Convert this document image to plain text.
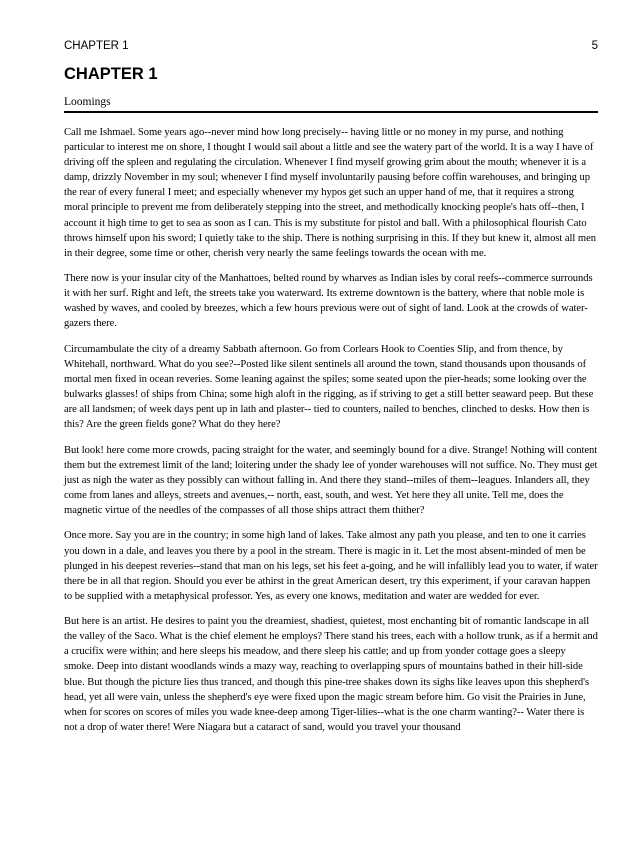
CHAPTER 1	5
CHAPTER 1
Loomings

Call me Ishmael. Some years ago--never mind how long precisely-- having little or no money in my purse, and nothing particular to interest me on shore, I thought I would sail about a little and see the watery part of the world. It is a way I have of driving off the spleen and regulating the circulation. Whenever I find myself growing grim about the mouth; whenever it is a damp, drizzly November in my soul; whenever I find myself involuntarily pausing before coffin warehouses, and bringing up the rear of every funeral I meet; and especially whenever my hypos get such an upper hand of me, that it requires a strong moral principle to prevent me from deliberately stepping into the street, and methodically knocking people's hats off--then, I account it high time to get to sea as soon as I can. This is my substitute for pistol and ball. With a philosophical flourish Cato throws himself upon his sword; I quietly take to the ship. There is nothing surprising in this. If they but knew it, almost all men in their degree, some time or other, cherish very nearly the same feelings towards the ocean with me.

There now is your insular city of the Manhattoes, belted round by wharves as Indian isles by coral reefs--commerce surrounds it with her surf. Right and left, the streets take you waterward. Its extreme downtown is the battery, where that noble mole is washed by waves, and cooled by breezes, which a few hours previous were out of sight of land. Look at the crowds of water-gazers there.

Circumambulate the city of a dreamy Sabbath afternoon. Go from Corlears Hook to Coenties Slip, and from thence, by Whitehall, northward. What do you see?--Posted like silent sentinels all around the town, stand thousands upon thousands of mortal men fixed in ocean reveries. Some leaning against the spiles; some seated upon the pier-heads; some looking over the bulwarks glasses! of ships from China; some high aloft in the rigging, as if striving to get a still better seaward peep. But these are all landsmen; of week days pent up in lath and plaster-- tied to counters, nailed to benches, clinched to desks. How then is this? Are the green fields gone? What do they here?

But look! here come more crowds, pacing straight for the water, and seemingly bound for a dive. Strange! Nothing will content them but the extremest limit of the land; loitering under the shady lee of yonder warehouses will not suffice. No. They must get just as nigh the water as they possibly can without falling in. And there they stand--miles of them--leagues. Inlanders all, they come from lanes and alleys, streets and avenues,-- north, east, south, and west. Yet here they all unite. Tell me, does the magnetic virtue of the needles of the compasses of all those ships attract them thither?

Once more. Say you are in the country; in some high land of lakes. Take almost any path you please, and ten to one it carries you down in a dale, and leaves you there by a pool in the stream. There is magic in it. Let the most absent-minded of men be plunged in his deepest reveries--stand that man on his legs, set his feet a-going, and he will infallibly lead you to water, if water there be in all that region. Should you ever be athirst in the great American desert, try this experiment, if your caravan happen to be supplied with a metaphysical professor. Yes, as every one knows, meditation and water are wedded for ever.

But here is an artist. He desires to paint you the dreamiest, shadiest, quietest, most enchanting bit of romantic landscape in all the valley of the Saco. What is the chief element he employs? There stand his trees, each with a hollow trunk, as if a hermit and a crucifix were within; and here sleeps his meadow, and there sleep his cattle; and up from yonder cottage goes a sleepy smoke. Deep into distant woodlands winds a mazy way, reaching to overlapping spurs of mountains bathed in their hill-side blue. But though the picture lies thus tranced, and though this pine-tree shakes down its sighs like leaves upon this shepherd's head, yet all were vain, unless the shepherd's eye were fixed upon the magic stream before him. Go visit the Prairies in June, when for scores on scores of miles you wade knee-deep among Tiger-lilies--what is the one charm wanting?-- Water there is not a drop of water there! Were Niagara but a cataract of sand, would you travel your thousand
